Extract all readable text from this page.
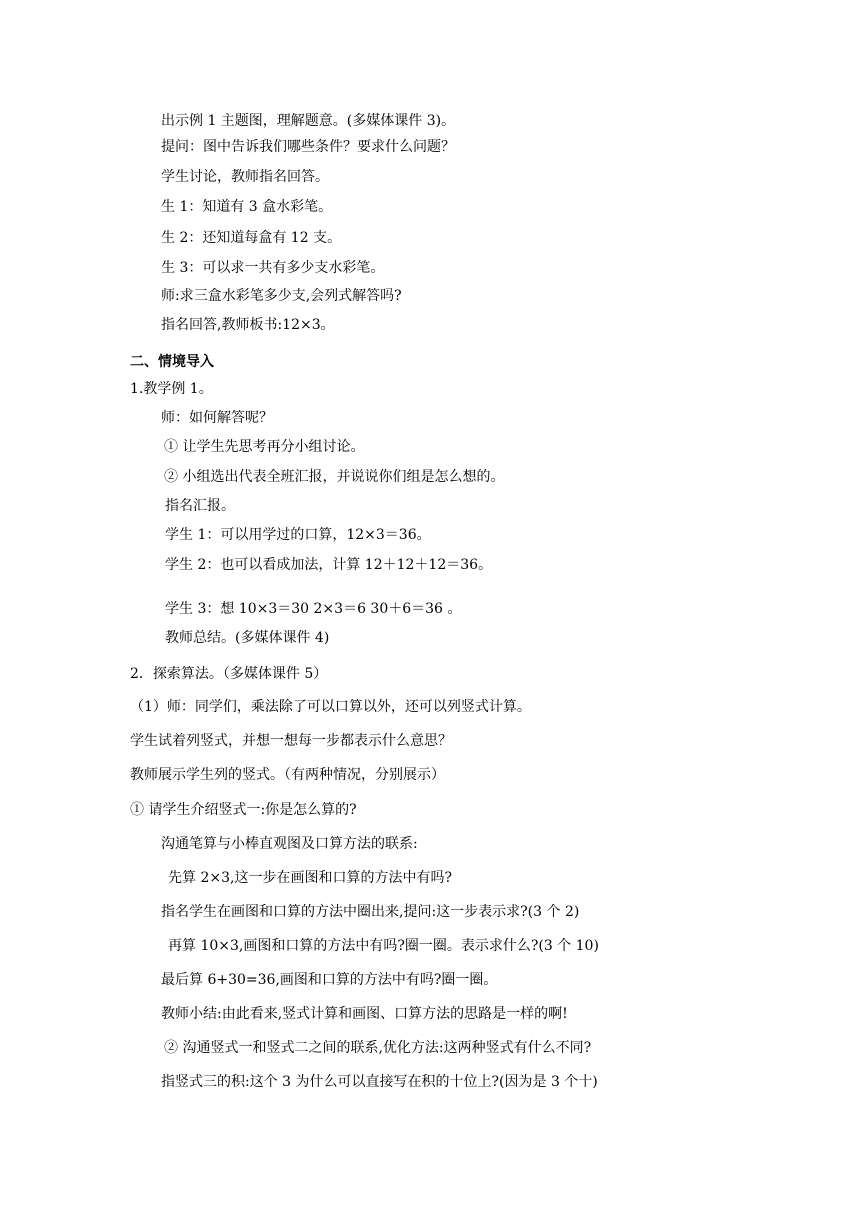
出示例 1 主题图，理解题意。(多媒体课件 3)。
提问：图中告诉我们哪些条件？要求什么问题？
学生讨论，教师指名回答。
生 1：知道有 3 盒水彩笔。
生 2：还知道每盒有 12 支。
生 3：可以求一共有多少支水彩笔。
师:求三盒水彩笔多少支,会列式解答吗?
指名回答,教师板书:12×3。
二、情境导入
1.教学例 1。
师：如何解答呢？
① 让学生先思考再分小组讨论。
② 小组选出代表全班汇报，并说说你们组是怎么想的。
指名汇报。
学生 1：可以用学过的口算，12×3＝36。
学生 2：也可以看成加法，计算 12＋12＋12＝36。
学生 3：想 10×3＝30 2×3＝6 30＋6＝36 。
教师总结。(多媒体课件 4)
2．探索算法。（多媒体课件 5）
（1）师：同学们，乘法除了可以口算以外，还可以列竖式计算。
学生试着列竖式，并想一想每一步都表示什么意思？
教师展示学生列的竖式。（有两种情况，分别展示）
① 请学生介绍竖式一:你是怎么算的?
沟通笔算与小棒直观图及口算方法的联系:
先算 2×3,这一步在画图和口算的方法中有吗?
指名学生在画图和口算的方法中圈出来,提问:这一步表示求?(3 个 2)
再算 10×3,画图和口算的方法中有吗?圈一圈。表示求什么?(3 个 10)
最后算 6+30=36,画图和口算的方法中有吗?圈一圈。
教师小结:由此看来,竖式计算和画图、口算方法的思路是一样的啊!
② 沟通竖式一和竖式二之间的联系,优化方法:这两种竖式有什么不同?
指竖式三的积:这个 3 为什么可以直接写在积的十位上?(因为是 3 个十)
